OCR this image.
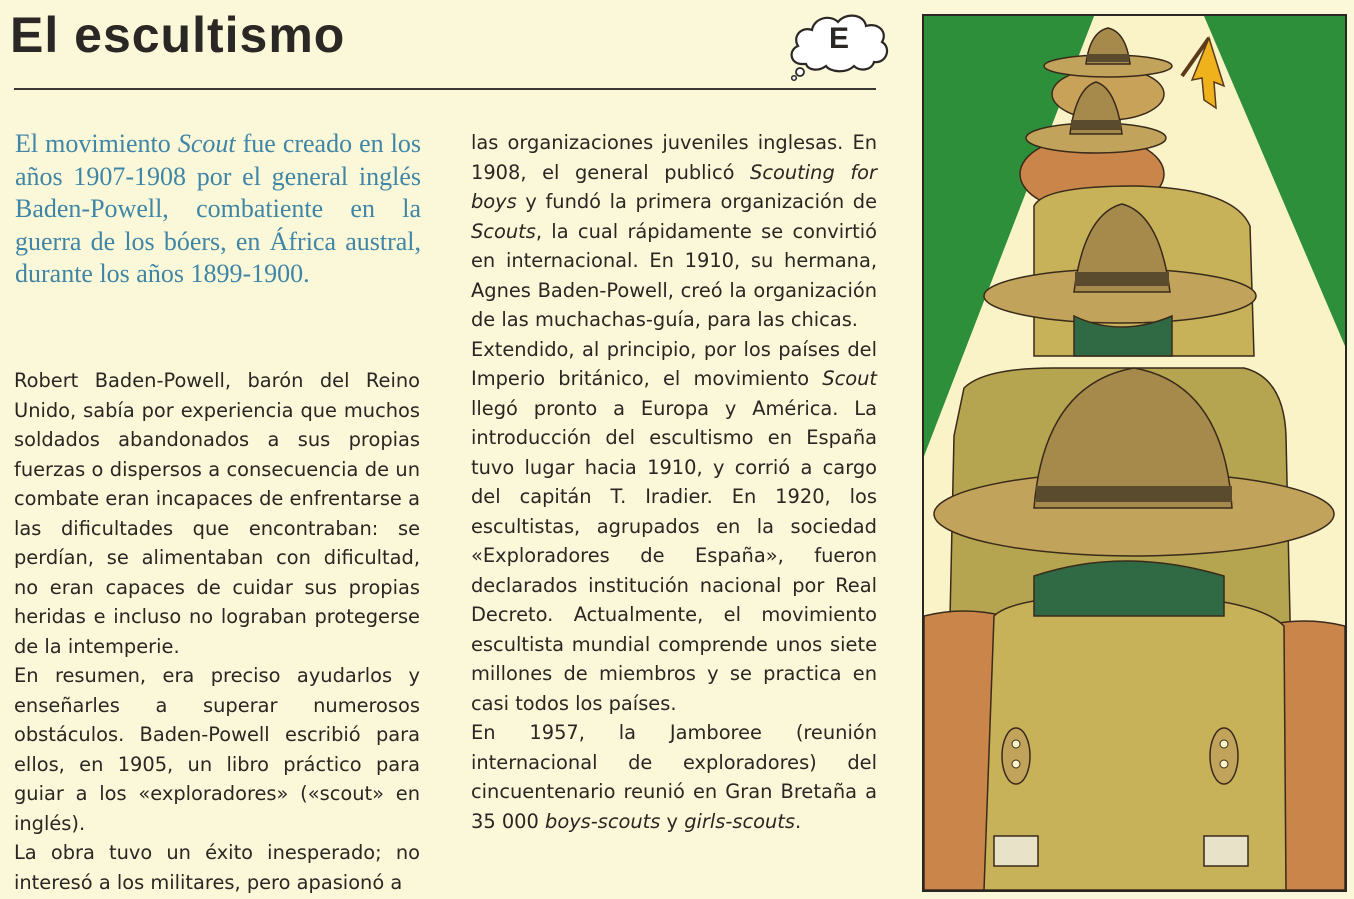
El escultismo	E

El movimiento Scout fue creado en los años 1907-1908 por el general inglés Baden-Powell, combatiente en la guerra de los bóers, en África austral, durante los años 1899-1900.

Robert Baden-Powell, barón del Reino Unido, sabía por experiencia que muchos soldados abandonados a sus propias fuerzas o dispersos a consecuencia de un combate eran incapaces de enfrentarse a las dificultades que encontraban: se perdían, se alimentaban con dificultad, no eran capaces de cuidar sus propias heridas e incluso no lograban protegerse de la intemperie.

En resumen, era preciso ayudarlos y enseñarles a superar numerosos obstáculos. Baden-Powell escribió para ellos, en 1905, un libro práctico para guiar a los «exploradores» («scout» en inglés).

La obra tuvo un éxito inesperado; no interesó a los militares, pero apasionó a

las organizaciones juveniles inglesas. En 1908, el general publicó Scouting for boys y fundó la primera organización de Scouts, la cual rápidamente se convirtió en internacional. En 1910, su hermana, Agnes Baden-Powell, creó la organización de las muchachas-guía, para las chicas.

Extendido, al principio, por los países del Imperio británico, el movimiento Scout llegó pronto a Europa y América. La introducción del escultismo en España tuvo lugar hacia 1910, y corrió a cargo del capitán T. Iradier. En 1920, los escultistas, agrupados en la sociedad «Exploradores de España», fueron declarados institución nacional por Real Decreto. Actualmente, el movimiento escultista mundial comprende unos siete millones de miembros y se practica en casi todos los países.

En 1957, la Jamboree (reunión internacional de exploradores) del cincuentenario reunió en Gran Bretaña a 35 000 boys-scouts y girls-scouts.
